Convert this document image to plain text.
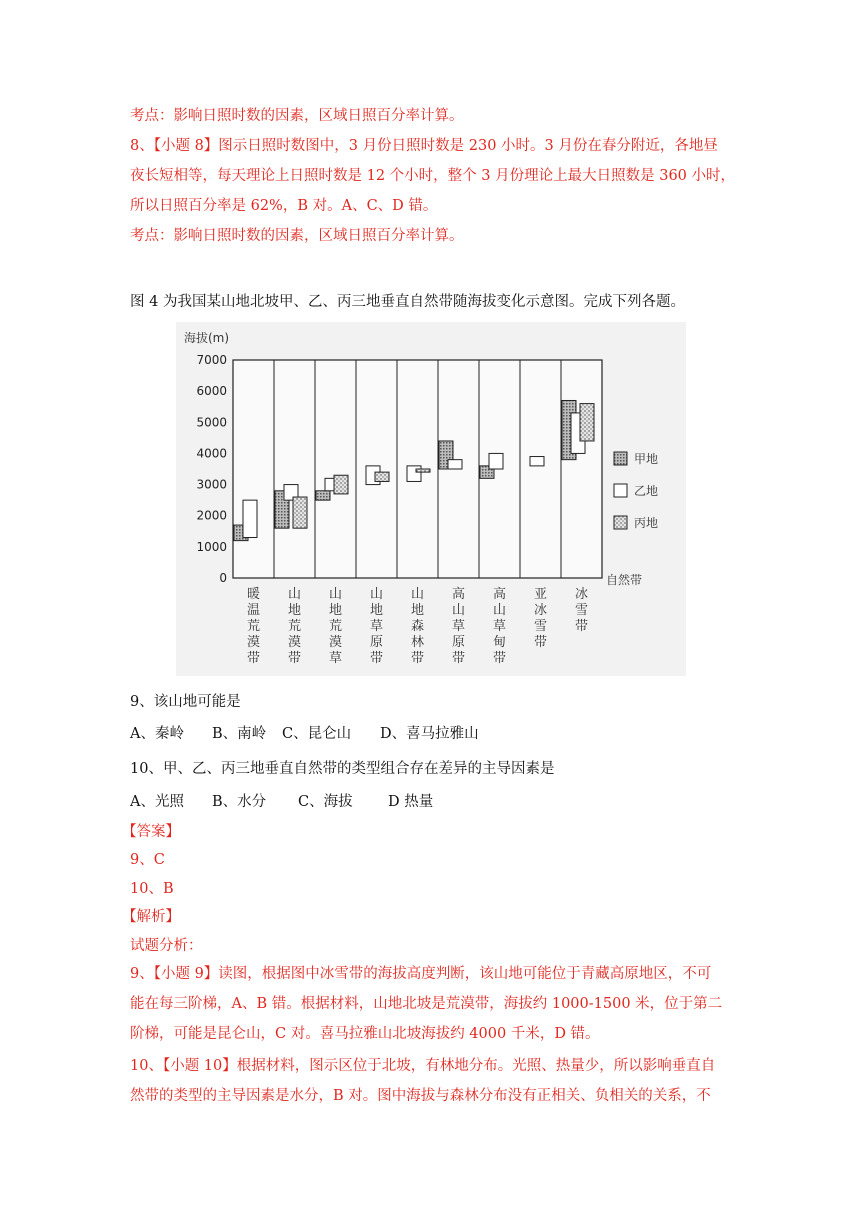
考点：影响日照时数的因素，区域日照百分率计算。
8、【小题 8】图示日照时数图中，3 月份日照时数是 230 小时。3 月份在春分附近，各地昼
夜长短相等，每天理论上日照时数是 12 个小时，整个 3 月份理论上最大日照数是 360 小时，
所以日照百分率是 62%，B 对。A、C、D 错。
考点：影响日照时数的因素，区域日照百分率计算。
图 4 为我国某山地北坡甲、乙、丙三地垂直自然带随海拔变化示意图。完成下列各题。
海拔(m)
7000
6000
5000
4000
3000
2000
1000
0
暖
温
荒
漠
带
山
地
荒
漠
带
山
地
荒
漠
草
山
地
草
原
带
山
地
森
林
带
高
山
草
原
带
高
山
草
甸
带
亚
冰
雪
带
冰
雪
带
甲地
乙地
丙地
自然带
9、该山地可能是
A、秦岭 B、南岭 C、昆仑山 D、喜马拉雅山
10、甲、乙、丙三地垂直自然带的类型组合存在差异的主导因素是
A、光照 B、水分 C、海拔 D 热量
【答案】
9、C
10、B
【解析】
试题分析：
9、【小题 9】读图，根据图中冰雪带的海拔高度判断，该山地可能位于青藏高原地区，不可
能在每三阶梯，A、B 错。根据材料，山地北坡是荒漠带，海拔约 1000-1500 米，位于第二
阶梯，可能是昆仑山，C 对。喜马拉雅山北坡海拔约 4000 千米，D 错。
10、【小题 10】根据材料，图示区位于北坡，有林地分布。光照、热量少，所以影响垂直自
然带的类型的主导因素是水分，B 对。图中海拔与森林分布没有正相关、负相关的关系，不
